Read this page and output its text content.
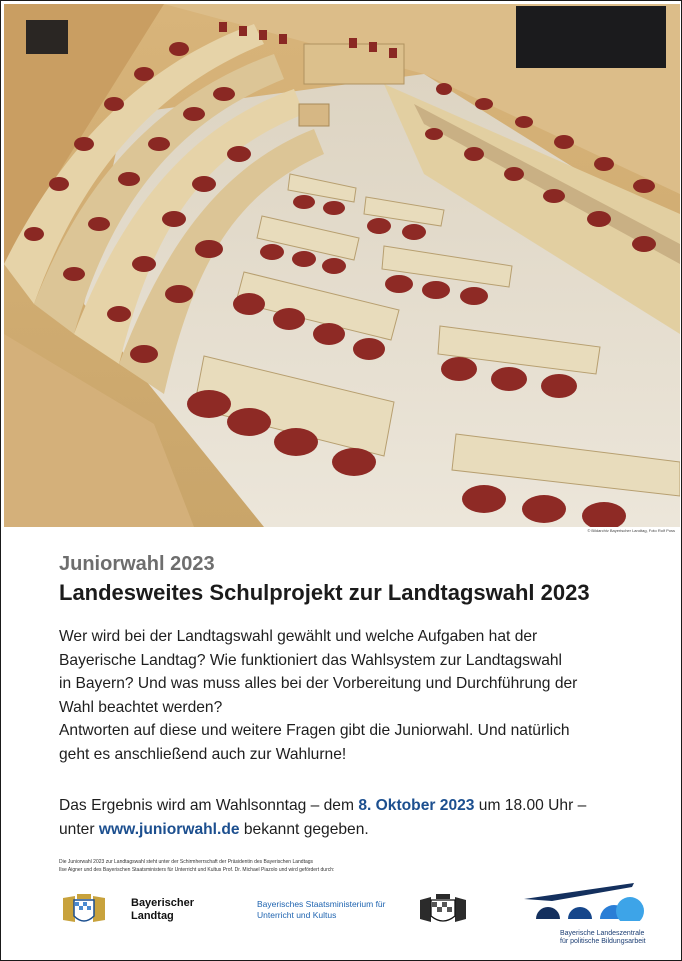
© Bildarchiv Bayerischer Landtag, Foto Rolf Poss
Juniorwahl 2023
Landesweites Schulprojekt zur Landtagswahl 2023
Wer wird bei der Landtagswahl gewählt und welche Aufgaben hat der
Bayerische Landtag? Wie funktioniert das Wahlsystem zur Landtagswahl
in Bayern? Und was muss alles bei der Vorbereitung und Durchführung der
Wahl beachtet werden?
Antworten auf diese und weitere Fragen gibt die Juniorwahl. Und natürlich
geht es anschließend auch zur Wahlurne!
Das Ergebnis wird am Wahlsonntag – dem 8. Oktober 2023 um 18.00 Uhr –
unter www.juniorwahl.de bekannt gegeben.
Die Juniorwahl 2023 zur Landtagswahl steht unter der Schirmherrschaft der Präsidentin des Bayerischen Landtags
Ilse Aigner und des Bayerischen Staatsministers für Unterricht und Kultus Prof. Dr. Michael Piazolo und wird gefördert durch:
Bayerischer
Landtag
Bayerisches Staatsministerium für
Unterricht und Kultus
Bayerische Landeszentrale
für politische Bildungsarbeit
